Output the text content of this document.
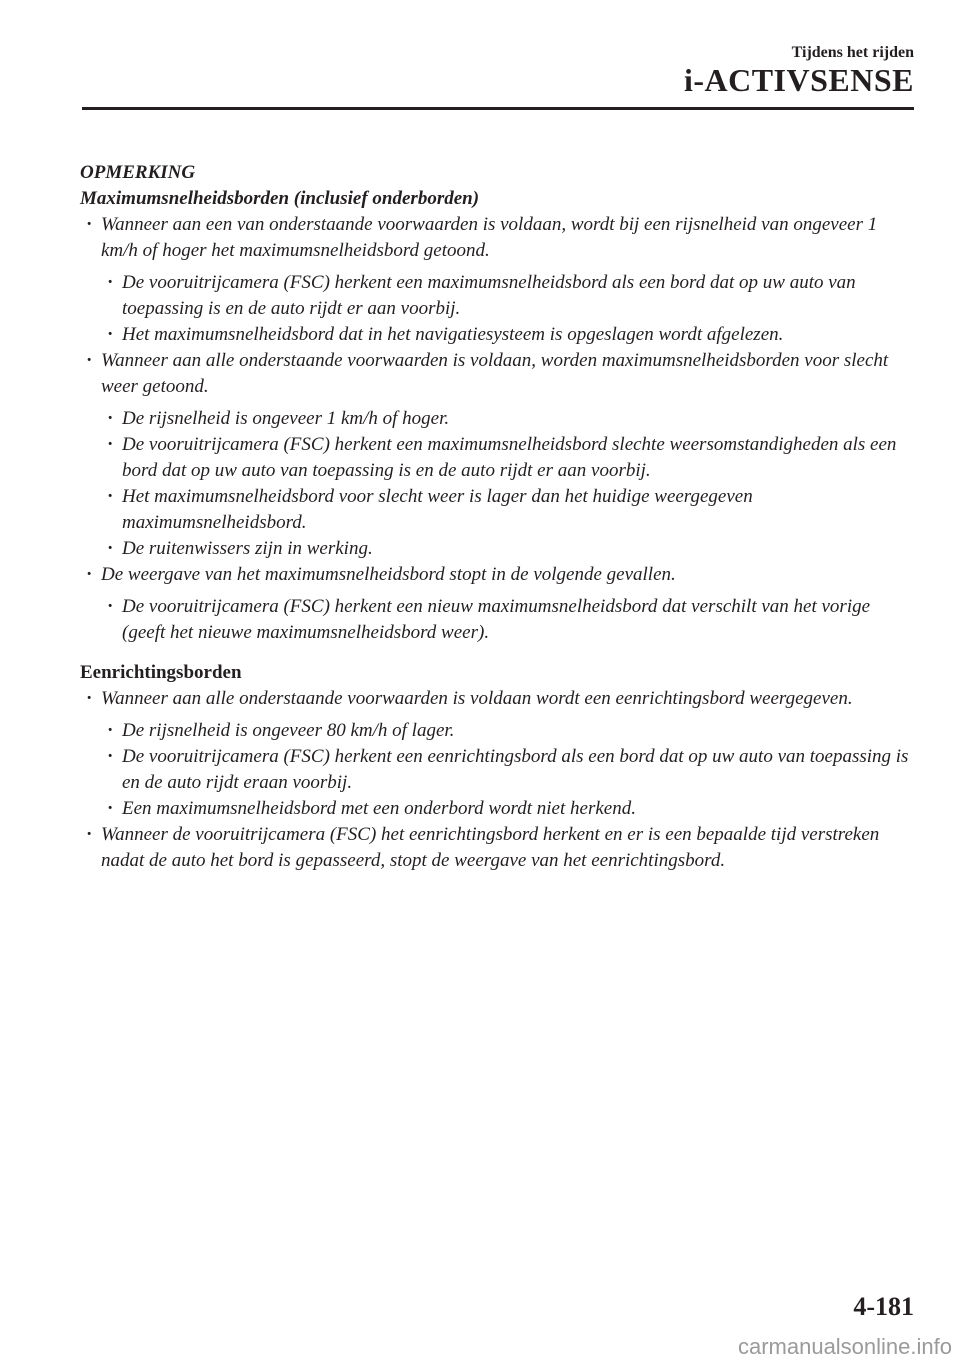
Tijdens het rijden
i-ACTIVSENSE

OPMERKING

Maximumsnelheidsborden (inclusief onderborden)

· Wanneer aan een van onderstaande voorwaarden is voldaan, wordt bij een rijsnelheid van ongeveer 1 km/h of hoger het maximumsnelheidsbord getoond.
· De vooruitrijcamera (FSC) herkent een maximumsnelheidsbord als een bord dat op uw auto van toepassing is en de auto rijdt er aan voorbij.
· Het maximumsnelheidsbord dat in het navigatiesysteem is opgeslagen wordt afgelezen.
· Wanneer aan alle onderstaande voorwaarden is voldaan, worden maximumsnelheidsborden voor slecht weer getoond.
· De rijsnelheid is ongeveer 1 km/h of hoger.
· De vooruitrijcamera (FSC) herkent een maximumsnelheidsbord slechte weersomstandigheden als een bord dat op uw auto van toepassing is en de auto rijdt er aan voorbij.
· Het maximumsnelheidsbord voor slecht weer is lager dan het huidige weergegeven maximumsnelheidsbord.
· De ruitenwissers zijn in werking.
· De weergave van het maximumsnelheidsbord stopt in de volgende gevallen.
· De vooruitrijcamera (FSC) herkent een nieuw maximumsnelheidsbord dat verschilt van het vorige (geeft het nieuwe maximumsnelheidsbord weer).

Eenrichtingsborden

· Wanneer aan alle onderstaande voorwaarden is voldaan wordt een eenrichtingsbord weergegeven.
· De rijsnelheid is ongeveer 80 km/h of lager.
· De vooruitrijcamera (FSC) herkent een eenrichtingsbord als een bord dat op uw auto van toepassing is en de auto rijdt eraan voorbij.
· Een maximumsnelheidsbord met een onderbord wordt niet herkend.
· Wanneer de vooruitrijcamera (FSC) het eenrichtingsbord herkent en er is een bepaalde tijd verstreken nadat de auto het bord is gepasseerd, stopt de weergave van het eenrichtingsbord.
4-181
carmanualsonline.info
